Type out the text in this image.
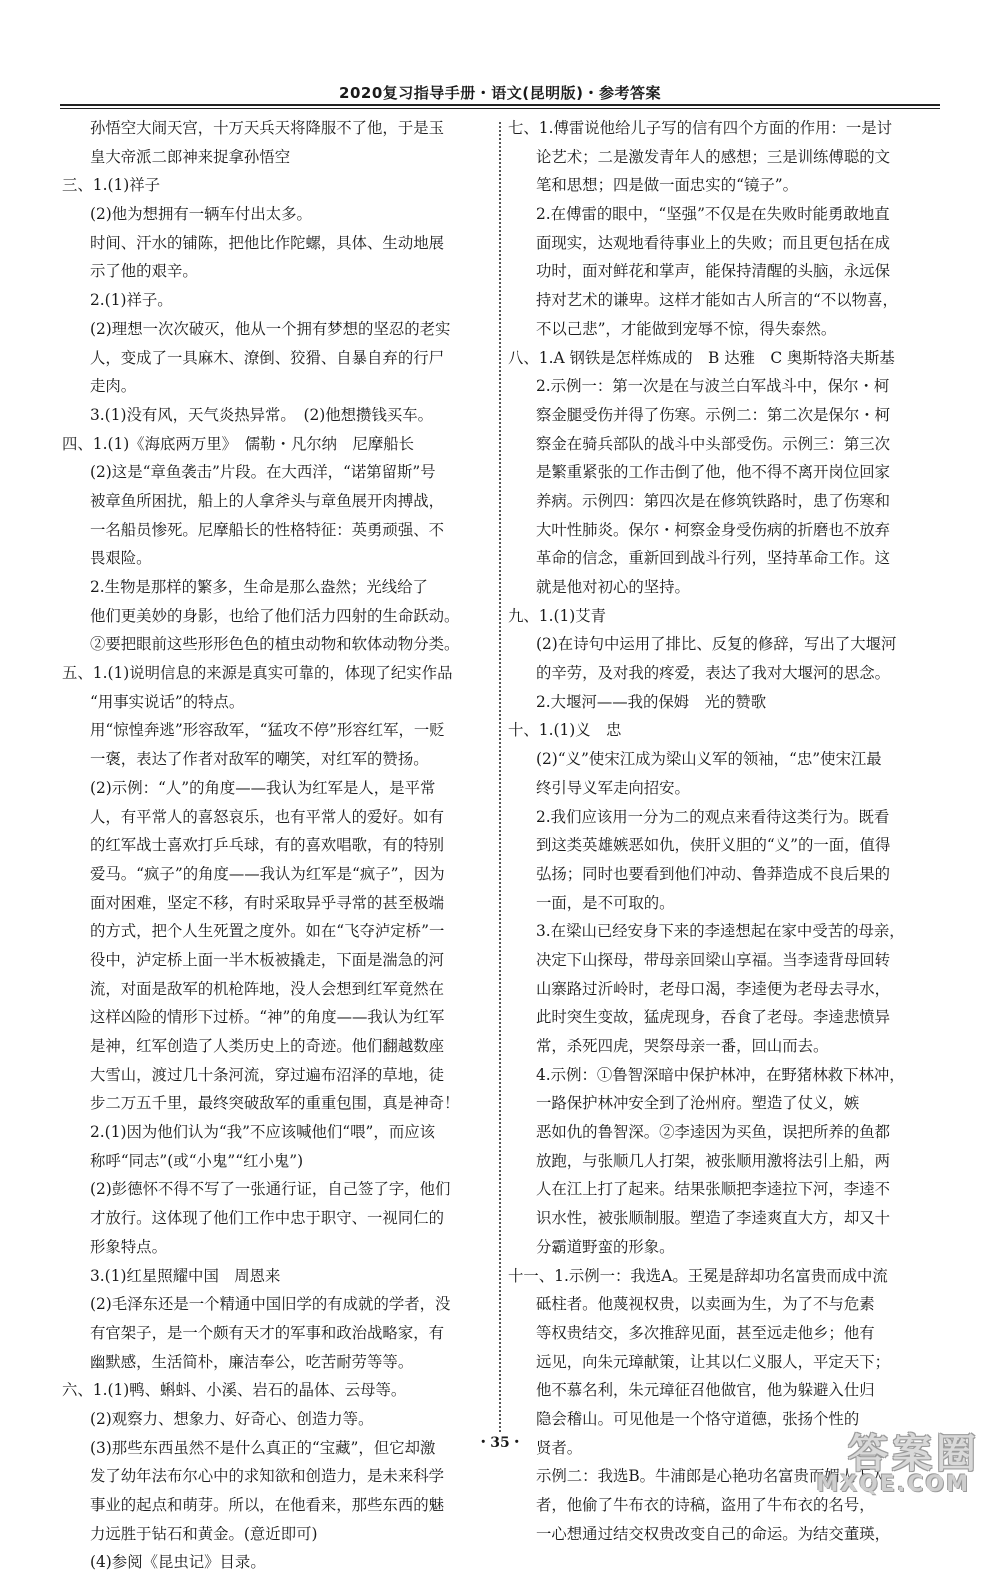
2020复习指导手册・语文(昆明版)・参考答案
孙悟空大闹天宫，十万天兵天将降服不了他，于是玉
皇大帝派二郎神来捉拿孙悟空
三、1.(1)祥子
(2)他为想拥有一辆车付出太多。
时间、汗水的铺陈，把他比作陀螺，具体、生动地展
示了他的艰辛。
2.(1)祥子。
(2)理想一次次破灭，他从一个拥有梦想的坚忍的老实
人，变成了一具麻木、潦倒、狡猾、自暴自弃的行尸
走肉。
3.(1)没有风，天气炎热异常。　(2)他想攒钱买车。
四、1.(1)《海底两万里》　儒勒・凡尔纳　尼摩船长
(2)这是“章鱼袭击”片段。在大西洋，“诺第留斯”号
被章鱼所困扰，船上的人拿斧头与章鱼展开肉搏战，
一名船员惨死。尼摩船长的性格特征：英勇顽强、不
畏艰险。
2.生物是那样的繁多，生命是那么盎然；光线给了
他们更美妙的身影，也给了他们活力四射的生命跃动。
②要把眼前这些形形色色的植虫动物和软体动物分类。
五、1.(1)说明信息的来源是真实可靠的，体现了纪实作品
“用事实说话”的特点。
用“惊惶奔逃”形容敌军，“猛攻不停”形容红军，一贬
一褒，表达了作者对敌军的嘲笑，对红军的赞扬。
(2)示例：“人”的角度——我认为红军是人，是平常
人，有平常人的喜怒哀乐，也有平常人的爱好。如有
的红军战士喜欢打乒乓球，有的喜欢唱歌，有的特别
爱马。“疯子”的角度——我认为红军是“疯子”，因为
面对困难，坚定不移，有时采取异乎寻常的甚至极端
的方式，把个人生死置之度外。如在“飞夺泸定桥”一
役中，泸定桥上面一半木板被撬走，下面是湍急的河
流，对面是敌军的机枪阵地，没人会想到红军竟然在
这样凶险的情形下过桥。“神”的角度——我认为红军
是神，红军创造了人类历史上的奇迹。他们翻越数座
大雪山，渡过几十条河流，穿过遍布沼泽的草地，徒
步二万五千里，最终突破敌军的重重包围，真是神奇！
2.(1)因为他们认为“我”不应该喊他们“喂”，而应该
称呼“同志”(或“小鬼”“红小鬼”)
(2)彭德怀不得不写了一张通行证，自己签了字，他们
才放行。这体现了他们工作中忠于职守、一视同仁的
形象特点。
3.(1)红星照耀中国　周恩来
(2)毛泽东还是一个精通中国旧学的有成就的学者，没
有官架子，是一个颇有天才的军事和政治战略家，有
幽默感，生活简朴，廉洁奉公，吃苦耐劳等等。
六、1.(1)鸭、蝌蚪、小溪、岩石的晶体、云母等。
(2)观察力、想象力、好奇心、创造力等。
(3)那些东西虽然不是什么真正的“宝藏”，但它却激
发了幼年法布尔心中的求知欲和创造力，是未来科学
事业的起点和萌芽。所以，在他看来，那些东西的魅
力远胜于钻石和黄金。(意近即可)
(4)参阅《昆虫记》目录。
七、1.傅雷说他给儿子写的信有四个方面的作用：一是讨
论艺术；二是激发青年人的感想；三是训练傅聪的文
笔和思想；四是做一面忠实的“镜子”。
2.在傅雷的眼中，“坚强”不仅是在失败时能勇敢地直
面现实，达观地看待事业上的失败；而且更包括在成
功时，面对鲜花和掌声，能保持清醒的头脑，永远保
持对艺术的谦卑。这样才能如古人所言的“不以物喜，
不以己悲”，才能做到宠辱不惊，得失泰然。
八、1.A 钢铁是怎样炼成的　B 达雅　C 奥斯特洛夫斯基
2.示例一：第一次是在与波兰白军战斗中，保尔・柯
察金腿受伤并得了伤寒。示例二：第二次是保尔・柯
察金在骑兵部队的战斗中头部受伤。示例三：第三次
是繁重紧张的工作击倒了他，他不得不离开岗位回家
养病。示例四：第四次是在修筑铁路时，患了伤寒和
大叶性肺炎。保尔・柯察金身受伤病的折磨也不放弃
革命的信念，重新回到战斗行列，坚持革命工作。这
就是他对初心的坚持。
九、1.(1)艾青
(2)在诗句中运用了排比、反复的修辞，写出了大堰河
的辛劳，及对我的疼爱，表达了我对大堰河的思念。
2.大堰河——我的保姆　光的赞歌
十、1.(1)义　忠
(2)“义”使宋江成为梁山义军的领袖，“忠”使宋江最
终引导义军走向招安。
2.我们应该用一分为二的观点来看待这类行为。既看
到这类英雄嫉恶如仇，侠肝义胆的“义”的一面，值得
弘扬；同时也要看到他们冲动、鲁莽造成不良后果的
一面，是不可取的。
3.在梁山已经安身下来的李逵想起在家中受苦的母亲，
决定下山探母，带母亲回梁山享福。当李逵背母回转
山寨路过沂岭时，老母口渴，李逵便为老母去寻水，
此时突生变故，猛虎现身，吞食了老母。李逵悲愤异
常，杀死四虎，哭祭母亲一番，回山而去。
4.示例：①鲁智深暗中保护林冲，在野猪林救下林冲，
一路保护林冲安全到了沧州府。塑造了仗义，嫉
恶如仇的鲁智深。②李逵因为买鱼，误把所养的鱼都
放跑，与张顺几人打架，被张顺用激将法引上船，两
人在江上打了起来。结果张顺把李逵拉下河，李逵不
识水性，被张顺制服。塑造了李逵爽直大方，却又十
分霸道野蛮的形象。
十一、1.示例一：我选A。王冕是辞却功名富贵而成中流
砥柱者。他蔑视权贵，以卖画为生，为了不与危素
等权贵结交，多次推辞见面，甚至远走他乡；他有
远见，向朱元璋献策，让其以仁义服人，平定天下；
他不慕名利，朱元璋征召他做官，他为躲避入仕归
隐会稽山。可见他是一个恪守道德，张扬个性的
贤者。
示例二：我选B。牛浦郎是心艳功名富贵而媚人下人
者，他偷了牛布衣的诗稿，盗用了牛布衣的名号，
一心想通过结交权贵改变自己的命运。为结交董瑛，
・35・	答案圈
MXQE.COM
